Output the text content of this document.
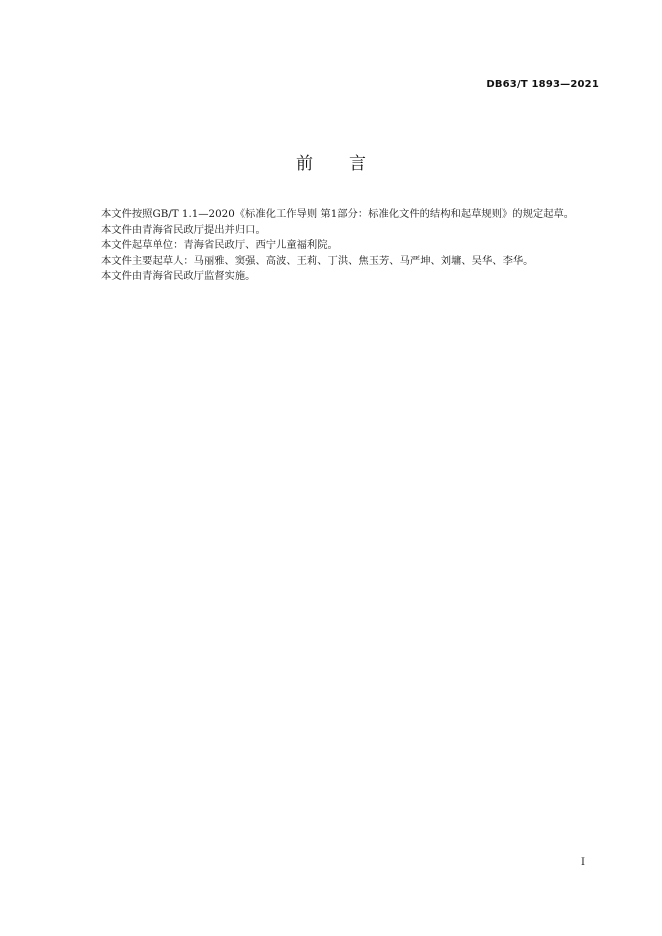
DB63/T 1893—2021
前 言

本文件按照GB/T 1.1—2020《标准化工作导则 第1部分：标准化文件的结构和起草规则》的规定起草。

本文件由青海省民政厅提出并归口。

本文件起草单位：青海省民政厅、西宁儿童福利院。

本文件主要起草人：马丽雅、窦强、高波、王莉、丁洪、焦玉芳、马严坤、刘墉、吴华、李华。

本文件由青海省民政厅监督实施。

I
